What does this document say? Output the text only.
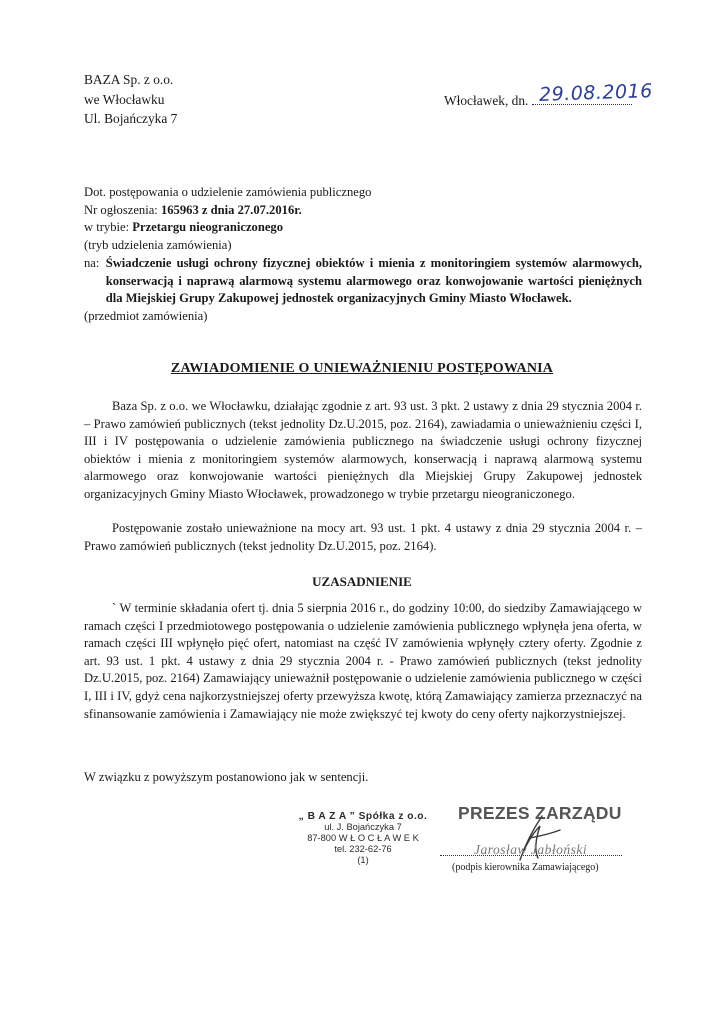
BAZA Sp. z o.o.
we Włocławku
Ul. Bojańczyka 7
Włocławek, dn. 29.08.2016
Dot. postępowania o udzielenie zamówienia publicznego
Nr ogłoszenia: 165963 z dnia 27.07.2016r.
w trybie: Przetargu nieograniczonego
(tryb udzielenia zamówienia)
na: Świadczenie usługi ochrony fizycznej obiektów i mienia z monitoringiem systemów alarmowych, konserwacją i naprawą alarmową systemu alarmowego oraz konwojowanie wartości pieniężnych dla Miejskiej Grupy Zakupowej jednostek organizacyjnych Gminy Miasto Włocławek.
(przedmiot zamówienia)
ZAWIADOMIENIE O UNIEWAŻNIENIU POSTĘPOWANIA

Baza Sp. z o.o. we Włocławku, działając zgodnie z art. 93 ust. 3 pkt. 2 ustawy z dnia 29 stycznia 2004 r. – Prawo zamówień publicznych (tekst jednolity Dz.U.2015, poz. 2164), zawiadamia o unieważnieniu części I, III i IV postępowania o udzielenie zamówienia publicznego na świadczenie usługi ochrony fizycznej obiektów i mienia z monitoringiem systemów alarmowych, konserwacją i naprawą alarmową systemu alarmowego oraz konwojowanie wartości pieniężnych dla Miejskiej Grupy Zakupowej jednostek organizacyjnych Gminy Miasto Włocławek, prowadzonego w trybie przetargu nieograniczonego.

Postępowanie zostało unieważnione na mocy art. 93 ust. 1 pkt. 4 ustawy z dnia 29 stycznia 2004 r. – Prawo zamówień publicznych (tekst jednolity Dz.U.2015, poz. 2164).

UZASADNIENIE

` W terminie składania ofert tj. dnia 5 sierpnia 2016 r., do godziny 10:00, do siedziby Zamawiającego w ramach części I przedmiotowego postępowania o udzielenie zamówienia publicznego wpłynęła jena oferta, w ramach części III wpłynęło pięć ofert, natomiast na część IV zamówienia wpłynęły cztery oferty. Zgodnie z art. 93 ust. 1 pkt. 4 ustawy z dnia 29 stycznia 2004 r. - Prawo zamówień publicznych (tekst jednolity Dz.U.2015, poz. 2164) Zamawiający unieważnił postępowanie o udzielenie zamówienia publicznego w części I, III i IV, gdyż cena najkorzystniejszej oferty przewyższa kwotę, którą Zamawiający zamierza przeznaczyć na sfinansowanie zamówienia i Zamawiający nie może zwiększyć tej kwoty do ceny oferty najkorzystniejszej.

W związku z powyższym postanowiono jak w sentencji.
„ B A Z A ” Spółka z o.o.
ul. J. Bojańczyka 7
87-800 W Ł O C Ł A W E K
tel. 232-62-76
(1)
PREZES ZARZĄDU
Jarosław Jabłoński
(podpis kierownika Zamawiającego)
